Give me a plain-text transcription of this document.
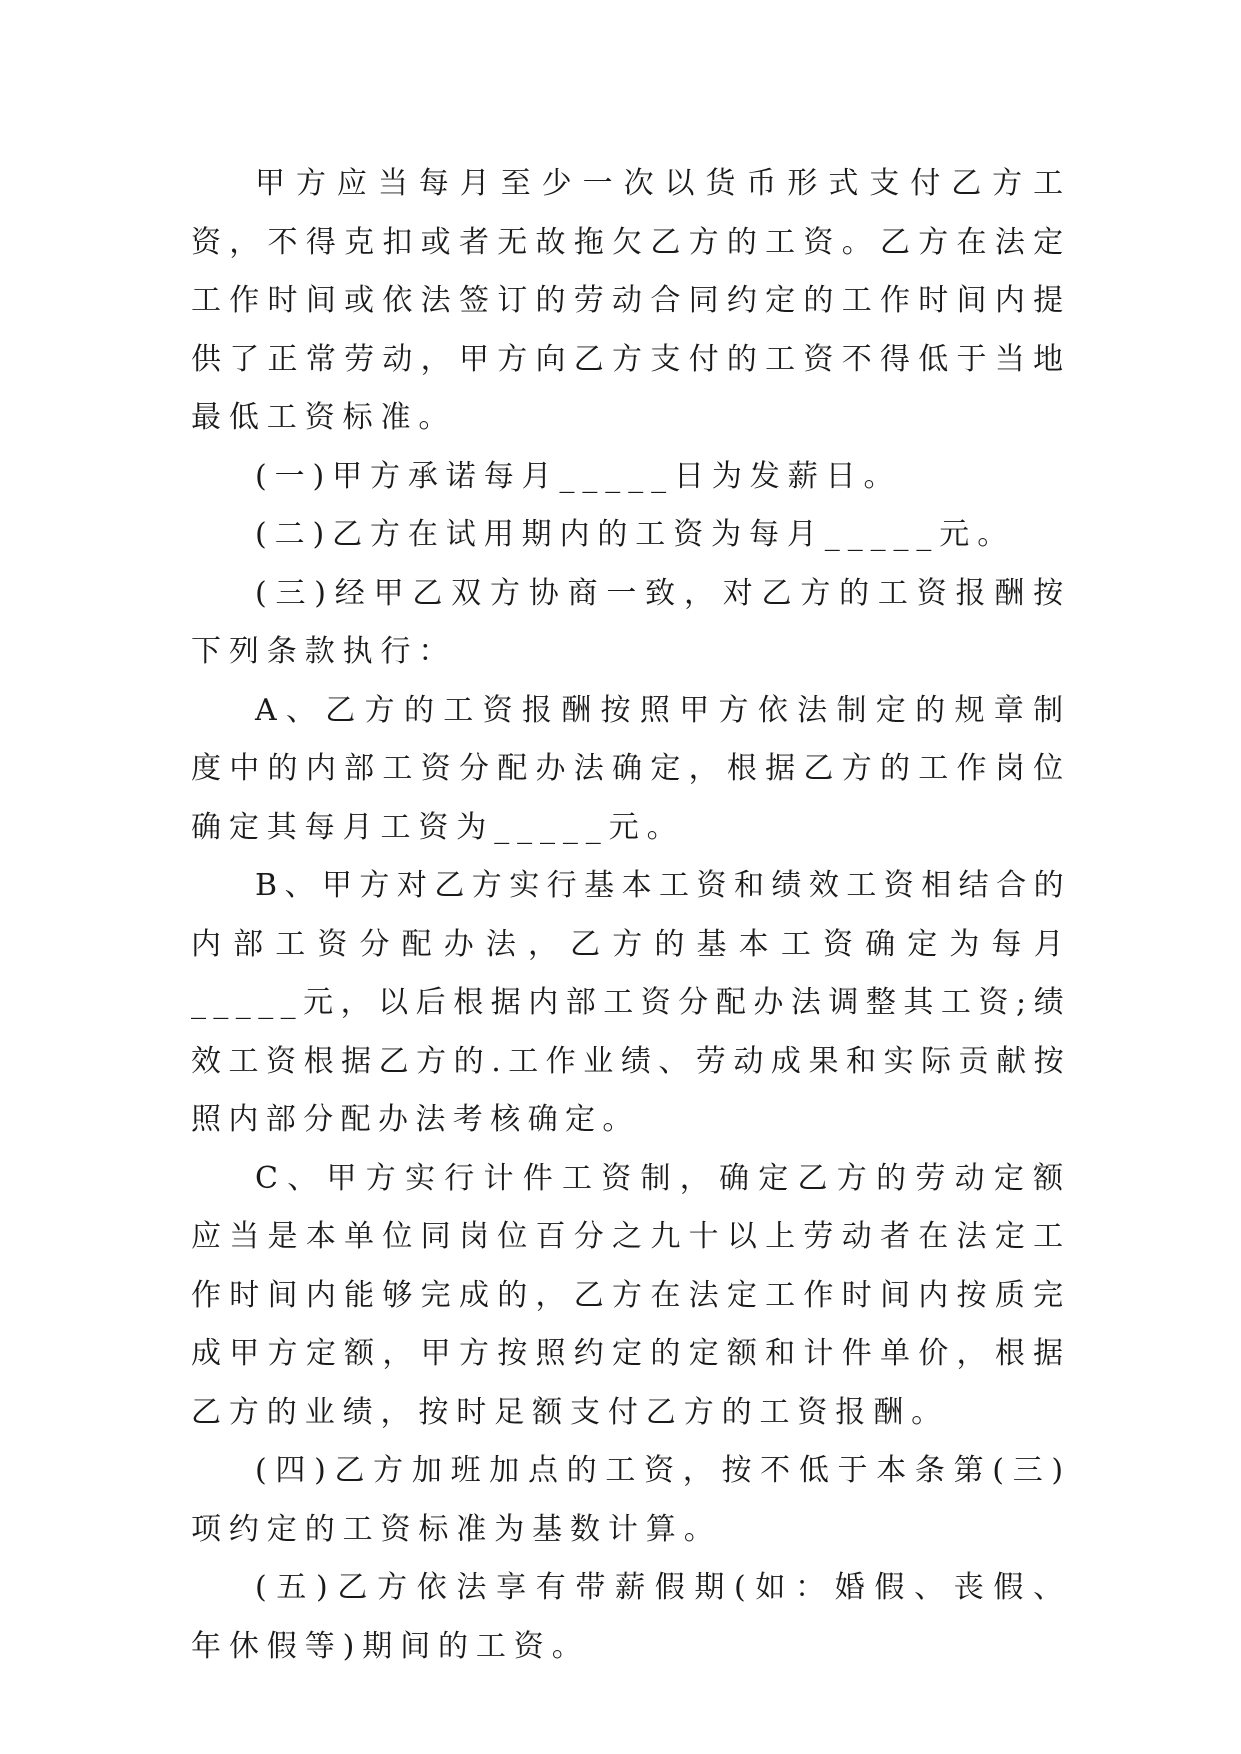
甲方应当每月至少一次以货币形式支付乙方工资，不得克扣或者无故拖欠乙方的工资。乙方在法定工作时间或依法签订的劳动合同约定的工作时间内提供了正常劳动，甲方向乙方支付的工资不得低于当地最低工资标准。

(一)甲方承诺每月_____日为发薪日。

(二)乙方在试用期内的工资为每月_____元。

(三)经甲乙双方协商一致，对乙方的工资报酬按下列条款执行：

A、乙方的工资报酬按照甲方依法制定的规章制度中的内部工资分配办法确定，根据乙方的工作岗位确定其每月工资为_____元。

B、甲方对乙方实行基本工资和绩效工资相结合的内部工资分配办法，乙方的基本工资确定为每月_____元，以后根据内部工资分配办法调整其工资;绩效工资根据乙方的.工作业绩、劳动成果和实际贡献按照内部分配办法考核确定。

C、甲方实行计件工资制，确定乙方的劳动定额应当是本单位同岗位百分之九十以上劳动者在法定工作时间内能够完成的，乙方在法定工作时间内按质完成甲方定额，甲方按照约定的定额和计件单价，根据乙方的业绩，按时足额支付乙方的工资报酬。

(四)乙方加班加点的工资，按不低于本条第(三)项约定的工资标准为基数计算。

(五)乙方依法享有带薪假期(如：婚假、丧假、年休假等)期间的工资。
